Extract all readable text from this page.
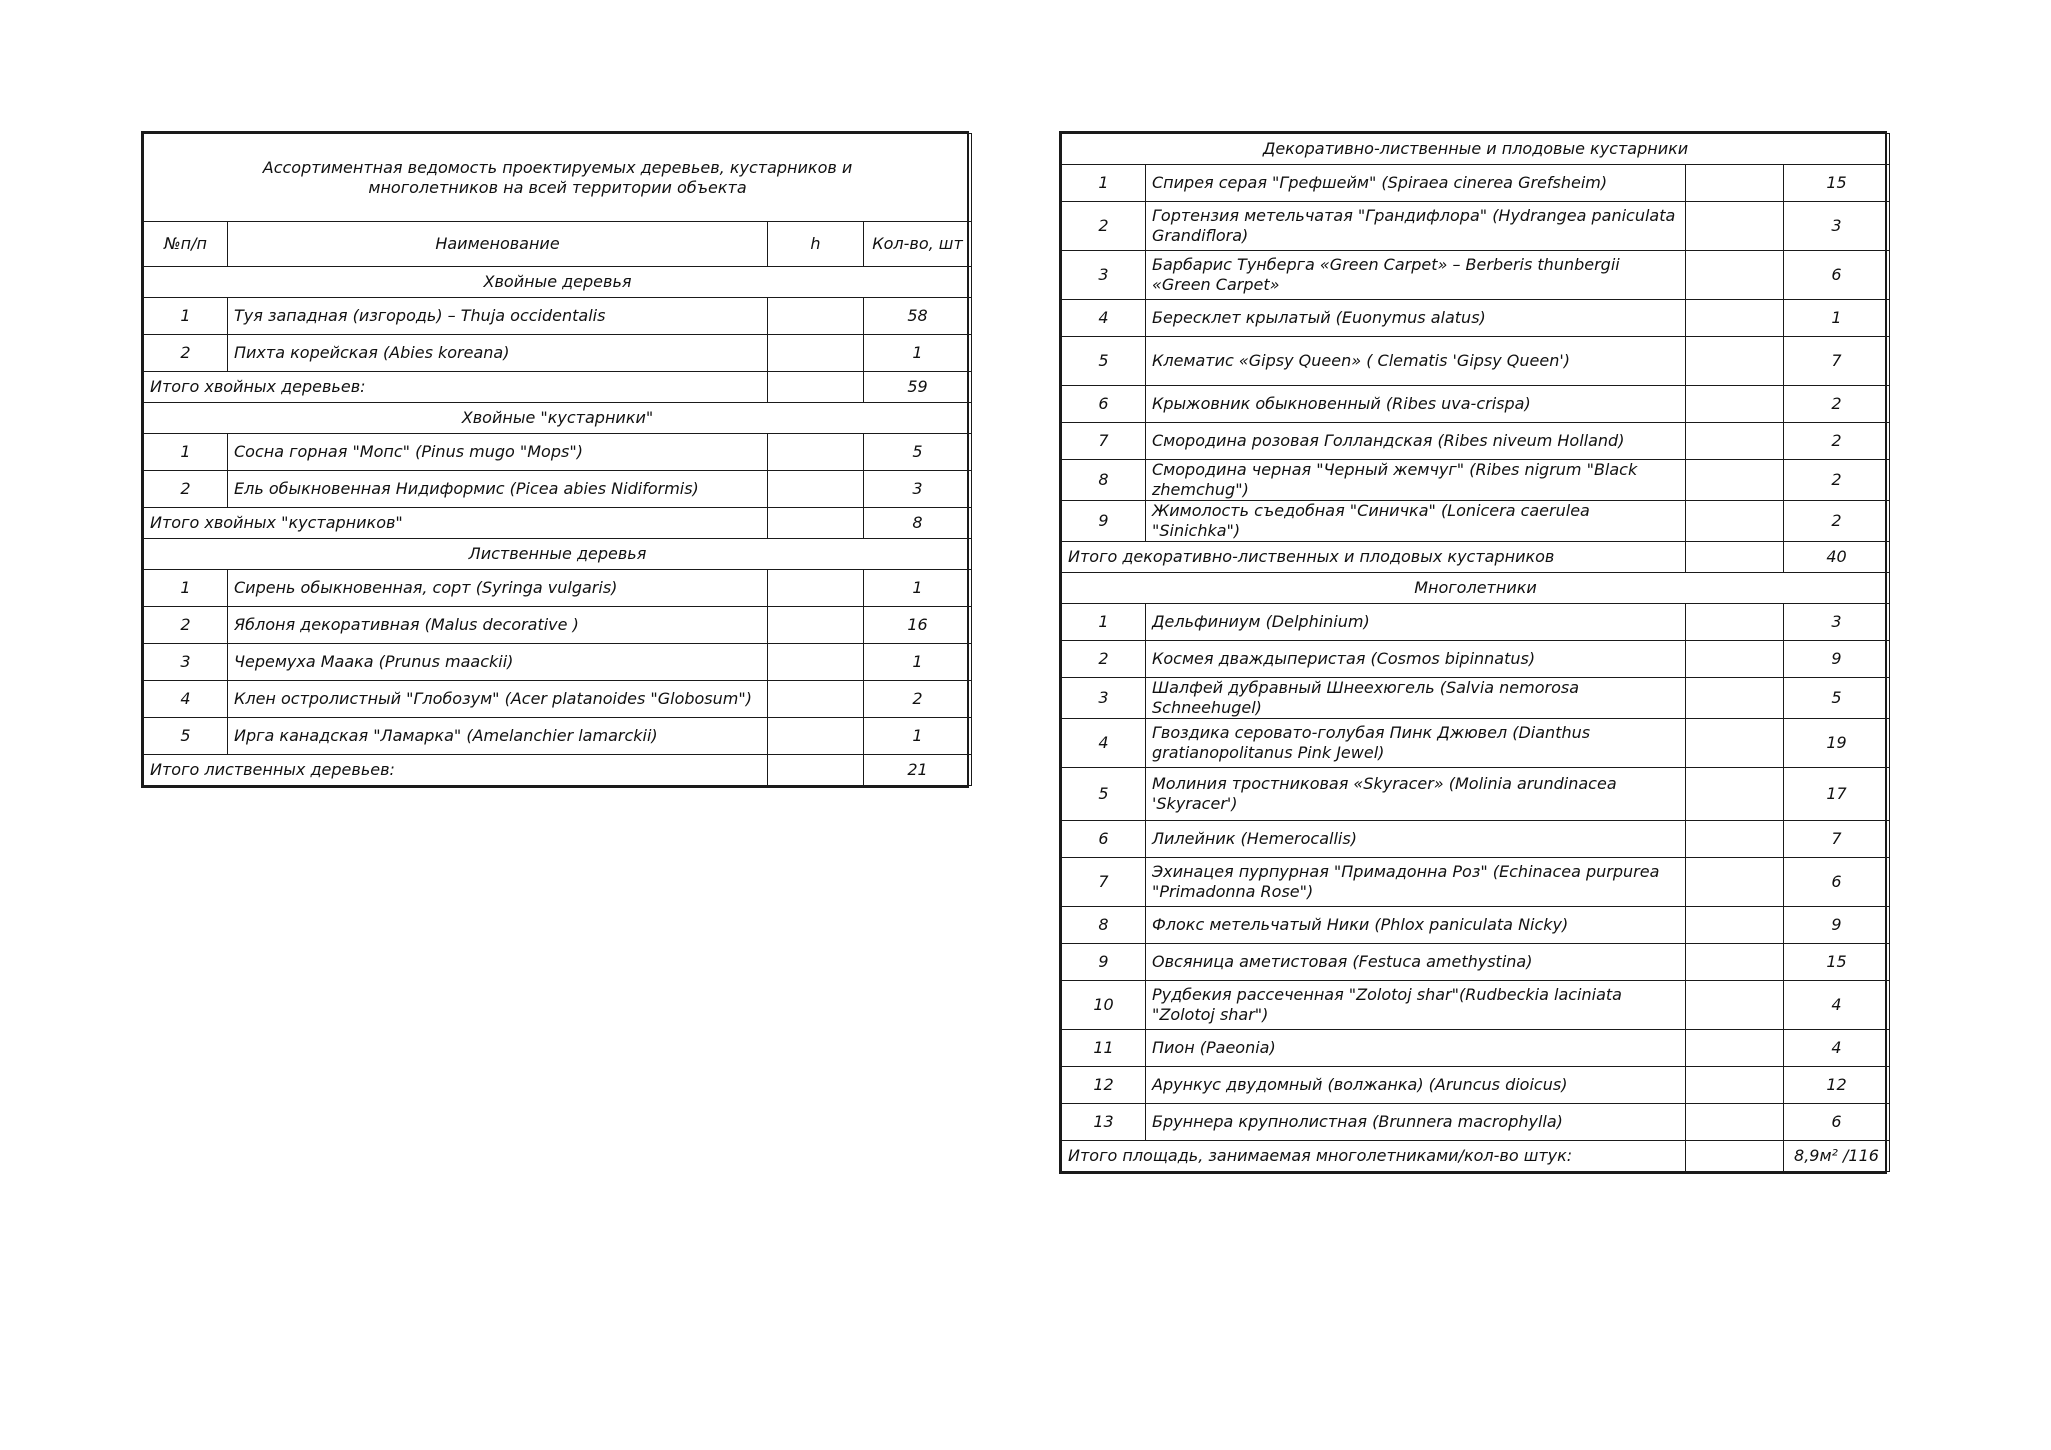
Ассортиментная ведомость проектируемых деревьев, кустарников и многолетников на всей территории объекта			
№п/п	Наименование	h	Кол-во, шт
Хвойные деревья			
1	Туя западная (изгородь) – Thuja occidentalis		58
2	Пихта корейская (Abies koreana)		1
Итого хвойных деревьев:			59
Хвойные "кустарники"			
1	Сосна горная "Мопс" (Pinus mugo "Mops")		5
2	Ель обыкновенная Нидиформис (Picea abies Nidiformis)		3
Итого хвойных "кустарников"			8
Лиственные деревья			
1	Сирень обыкновенная, сорт (Syringa vulgaris)		1
2	Яблоня декоративная (Malus decorative )		16
3	Черемуха Маака (Prunus maackii)		1
4	Клен остролистный "Глобозум" (Acer platanoides "Globosum")		2
5	Ирга канадская "Ламарка" (Amelanchier lamarckii)		1
Итого лиственных деревьев:			21
Декоративно-лиственные и плодовые кустарники			
1	Спирея серая "Грефшейм" (Spiraea cinerea Grefsheim)		15
2	Гортензия метельчатая "Грандифлора" (Hydrangea paniculata Grandiflora)		3
3	Барбарис Тунберга «Green Carpet» – Berberis thunbergii «Green Carpet»		6
4	Бересклет крылатый (Euonymus alatus)		1
5	Клематис «Gipsy Queen» ( Clematis 'Gipsy Queen')		7
6	Крыжовник обыкновенный (Ribes uva-crispa)		2
7	Смородина розовая Голландская (Ribes niveum Holland)		2
8	Смородина черная "Черный жемчуг" (Ribes nigrum "Black zhemchug")		2
9	Жимолость съедобная "Синичка" (Lonicera caerulea "Sinichka")		2
Итого декоративно-лиственных и плодовых кустарников			40
Многолетники			
1	Дельфиниум (Delphinium)		3
2	Космея дваждыперистая (Cosmos bipinnatus)		9
3	Шалфей дубравный Шнеехюгель (Salvia nemorosa Schneehugel)		5
4	Гвоздика серовато-голубая Пинк Джювел (Dianthus gratianopolitanus Pink Jewel)		19
5	Молиния тростниковая «Skyracer» (Molinia arundinacea 'Skyracer')		17
6	Лилейник (Hemerocallis)		7
7	Эхинацея пурпурная "Примадонна Роз" (Echinacea purpurea "Primadonna Rose")		6
8	Флокс метельчатый Ники (Phlox paniculata Nicky)		9
9	Овсяница аметистовая (Festuca amethystina)		15
10	Рудбекия рассеченная "Zolotoj shar"(Rudbeckia laciniata "Zolotoj shar")		4
11	Пион (Paeonia)		4
12	Арункус двудомный (волжанка) (Aruncus dioicus)		12
13	Бруннера крупнолистная (Brunnera macrophylla)		6
Итого площадь, занимаемая многолетниками/кол-во штук:			8,9м² /116
